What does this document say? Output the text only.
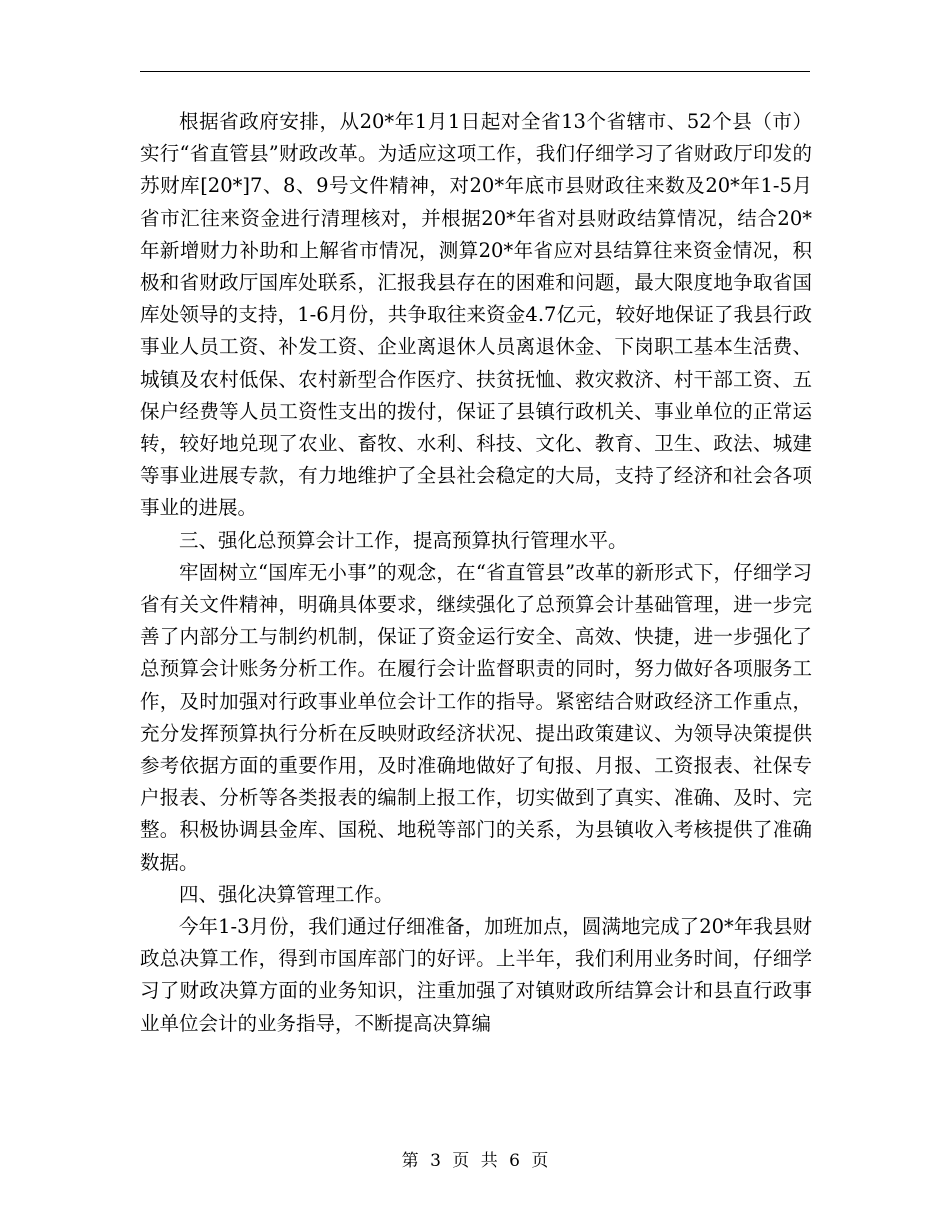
根据省政府安排，从20*年1月1日起对全省13个省辖市、52个县（市）实行“省直管县”财政改革。为适应这项工作，我们仔细学习了省财政厅印发的苏财库[20*]7、8、9号文件精神，对20*年底市县财政往来数及20*年1-5月省市汇往来资金进行清理核对，并根据20*年省对县财政结算情况，结合20*年新增财力补助和上解省市情况，测算20*年省应对县结算往来资金情况，积极和省财政厅国库处联系，汇报我县存在的困难和问题，最大限度地争取省国库处领导的支持，1-6月份，共争取往来资金4.7亿元，较好地保证了我县行政事业人员工资、补发工资、企业离退休人员离退休金、下岗职工基本生活费、城镇及农村低保、农村新型合作医疗、扶贫抚恤、救灾救济、村干部工资、五保户经费等人员工资性支出的拨付，保证了县镇行政机关、事业单位的正常运转，较好地兑现了农业、畜牧、水利、科技、文化、教育、卫生、政法、城建等事业进展专款，有力地维护了全县社会稳定的大局，支持了经济和社会各项事业的进展。

三、强化总预算会计工作，提高预算执行管理水平。

牢固树立“国库无小事”的观念，在“省直管县”改革的新形式下，仔细学习省有关文件精神，明确具体要求，继续强化了总预算会计基础管理，进一步完善了内部分工与制约机制，保证了资金运行安全、高效、快捷，进一步强化了总预算会计账务分析工作。在履行会计监督职责的同时，努力做好各项服务工作，及时加强对行政事业单位会计工作的指导。紧密结合财政经济工作重点，充分发挥预算执行分析在反映财政经济状况、提出政策建议、为领导决策提供参考依据方面的重要作用，及时准确地做好了旬报、月报、工资报表、社保专户报表、分析等各类报表的编制上报工作，切实做到了真实、准确、及时、完整。积极协调县金库、国税、地税等部门的关系，为县镇收入考核提供了准确数据。

四、强化决算管理工作。

今年1-3月份，我们通过仔细准备，加班加点，圆满地完成了20*年我县财政总决算工作，得到市国库部门的好评。上半年，我们利用业务时间，仔细学习了财政决算方面的业务知识，注重加强了对镇财政所结算会计和县直行政事业单位会计的业务指导，不断提高决算编

第 3 页 共 6 页
